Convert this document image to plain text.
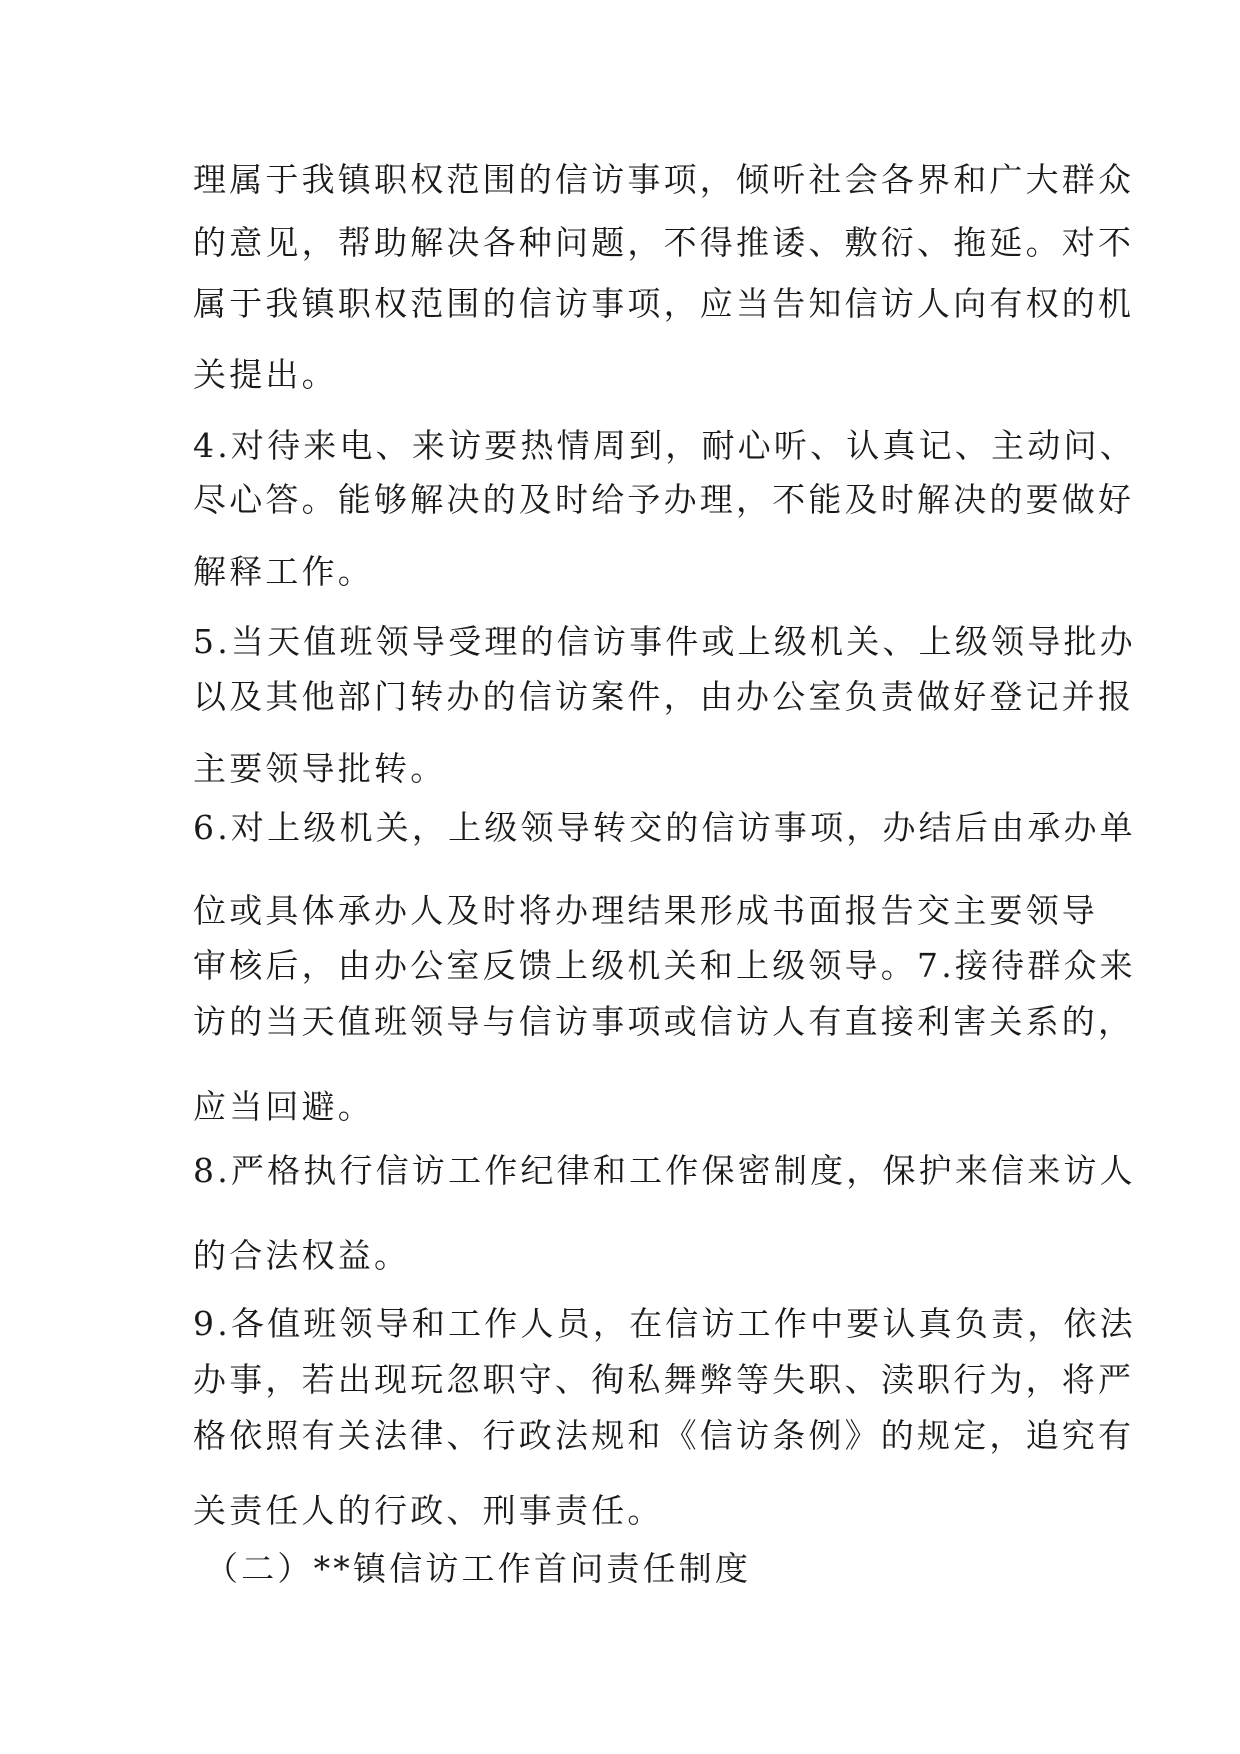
理属于我镇职权范围的信访事项，倾听社会各界和广大群众
的意见，帮助解决各种问题，不得推诿、敷衍、拖延。对不
属于我镇职权范围的信访事项，应当告知信访人向有权的机
关提出。
4.对待来电、来访要热情周到，耐心听、认真记、主动问、
尽心答。能够解决的及时给予办理，不能及时解决的要做好
解释工作。
5.当天值班领导受理的信访事件或上级机关、上级领导批办
以及其他部门转办的信访案件，由办公室负责做好登记并报
主要领导批转。
6.对上级机关，上级领导转交的信访事项，办结后由承办单
位或具体承办人及时将办理结果形成书面报告交主要领导
审核后，由办公室反馈上级机关和上级领导。7.接待群众来
访的当天值班领导与信访事项或信访人有直接利害关系的，
应当回避。
8.严格执行信访工作纪律和工作保密制度，保护来信来访人
的合法权益。
9.各值班领导和工作人员，在信访工作中要认真负责，依法
办事，若出现玩忽职守、徇私舞弊等失职、渎职行为，将严
格依照有关法律、行政法规和《信访条例》的规定，追究有
关责任人的行政、刑事责任。
（二）**镇信访工作首问责任制度
